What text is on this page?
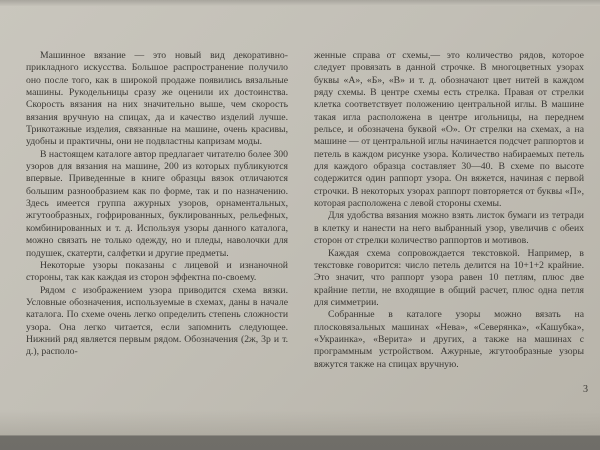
Машинное вязание — это новый вид декоративно-прикладного искусства. Большое распространение получило оно после того, как в широкой продаже появились вязальные машины. Рукодельницы сразу же оценили их достоинства. Скорость вязания на них значительно выше, чем скорость вязания вручную на спицах, да и качество изделий лучше. Трикотажные изделия, связанные на машине, очень красивы, удобны и практичны, они не подвластны капризам моды.

В настоящем каталоге автор предлагает читателю более 300 узоров для вязания на машине, 200 из которых публикуются впервые. Приведенные в книге образцы вязок отличаются большим разнообразием как по форме, так и по назначению. Здесь имеется группа ажурных узоров, орнаментальных, жгутообразных, гофрированных, буклированных, рельефных, комбинированных и т. д. Используя узоры данного каталога, можно связать не только одежду, но и пледы, наволочки для подушек, скатерти, салфетки и другие предметы.

Некоторые узоры показаны с лицевой и изнаночной стороны, так как каждая из сторон эффектна по-своему.

Рядом с изображением узора приводится схема вязки. Условные обозначения, используемые в схемах, даны в начале каталога. По схеме очень легко определить степень сложности узора. Она легко читается, если запомнить следующее. Нижний ряд является первым рядом. Обозначения (2ж, 3р и т. д.), располо-

женные справа от схемы,— это количество рядов, которое следует провязать в данной строчке. В многоцветных узорах буквы «А», «Б», «В» и т. д. обозначают цвет нитей в каждом ряду схемы. В центре схемы есть стрелка. Правая от стрелки клетка соответствует положению центральной иглы. В машине такая игла расположена в центре игольницы, на переднем рельсе, и обозначена буквой «О». От стрелки на схемах, а на машине — от центральной иглы начинается подсчет раппортов и петель в каждом рисунке узора. Количество набираемых петель для каждого образца составляет 30—40. В схеме по высоте содержится один раппорт узора. Он вяжется, начиная с первой строчки. В некоторых узорах раппорт повторяется от буквы «П», которая расположена с левой стороны схемы.

Для удобства вязания можно взять листок бумаги из тетради в клетку и нанести на него выбранный узор, увеличив с обеих сторон от стрелки количество раппортов и мотивов.

Каждая схема сопровождается текстовкой. Например, в текстовке говорится: число петель делится на 10+1+2 крайние. Это значит, что раппорт узора равен 10 петлям, плюс две крайние петли, не входящие в общий расчет, плюс одна петля для симметрии.

Собранные в каталоге узоры можно вязать на плосковязальных машинах «Нева», «Северянка», «Кашубка», «Украинка», «Верита» и других, а также на машинах с программным устройством. Ажурные, жгутообразные узоры вяжутся также на спицах вручную.

3
